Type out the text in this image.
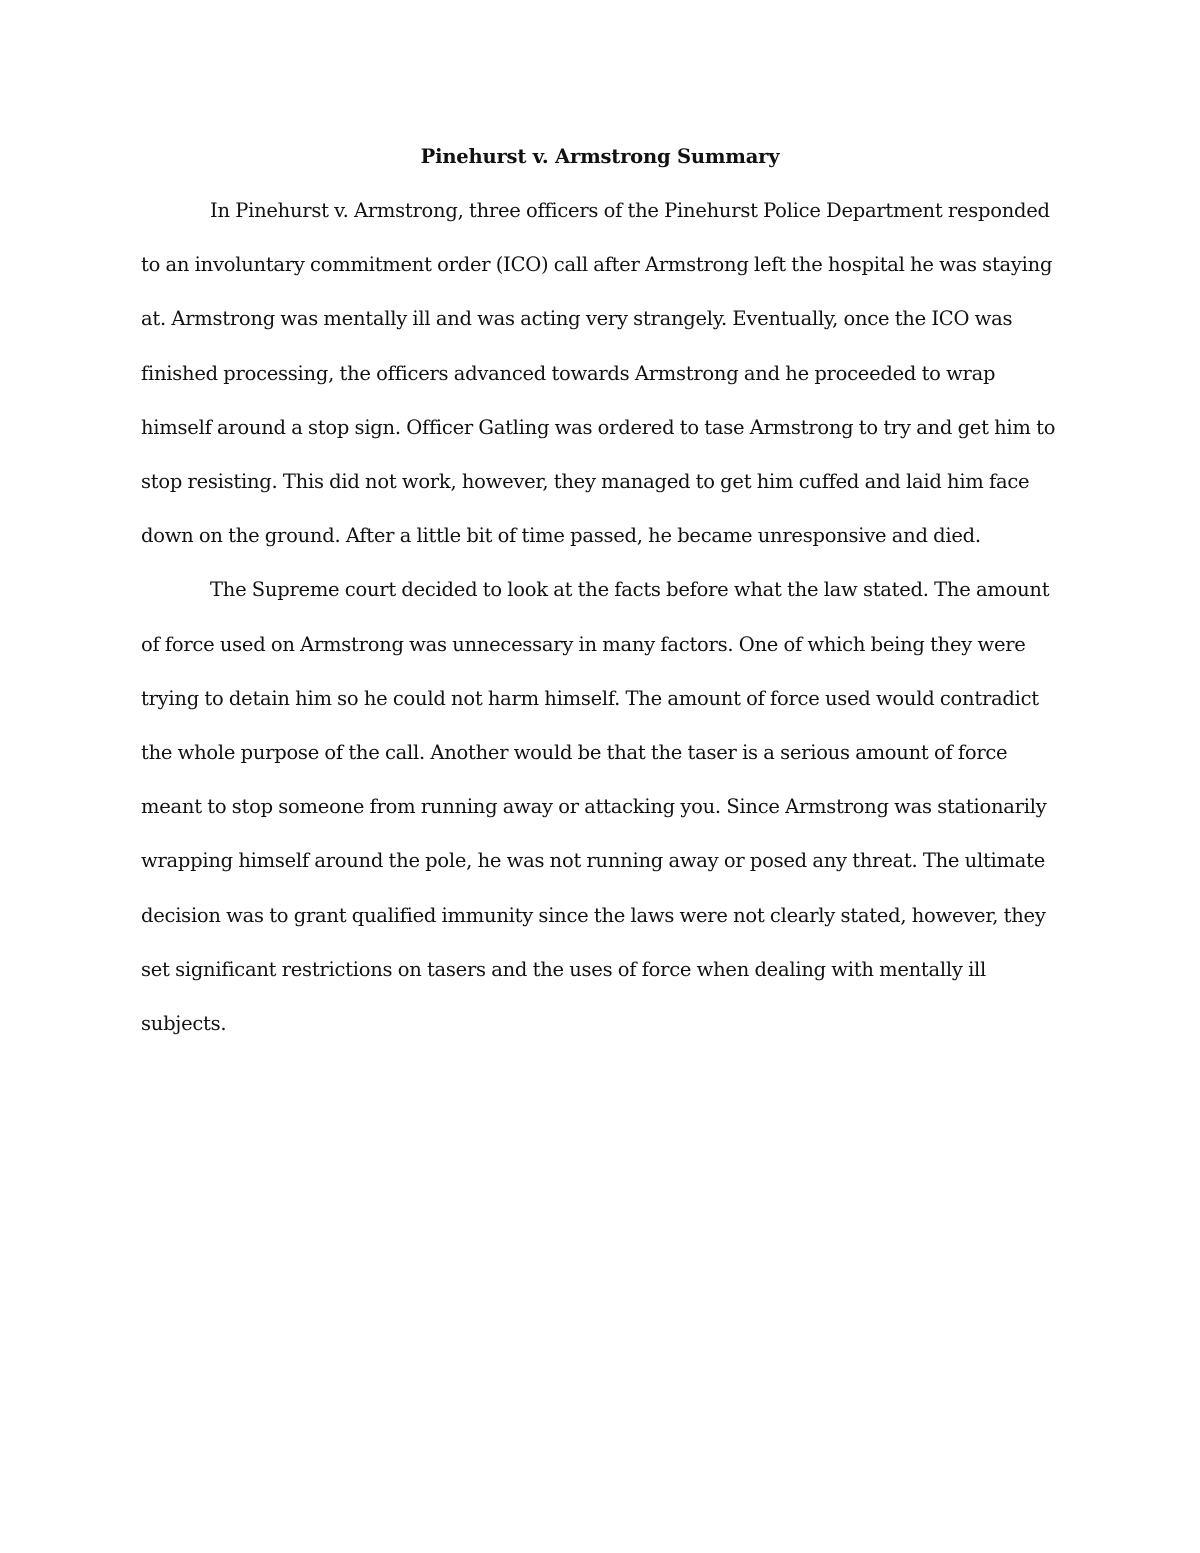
Pinehurst v. Armstrong Summary

In Pinehurst v. Armstrong, three officers of the Pinehurst Police Department responded to an involuntary commitment order (ICO) call after Armstrong left the hospital he was staying at. Armstrong was mentally ill and was acting very strangely. Eventually, once the ICO was finished processing, the officers advanced towards Armstrong and he proceeded to wrap himself around a stop sign. Officer Gatling was ordered to tase Armstrong to try and get him to stop resisting. This did not work, however, they managed to get him cuffed and laid him face down on the ground. After a little bit of time passed, he became unresponsive and died.

The Supreme court decided to look at the facts before what the law stated. The amount of force used on Armstrong was unnecessary in many factors. One of which being they were trying to detain him so he could not harm himself. The amount of force used would contradict the whole purpose of the call. Another would be that the taser is a serious amount of force meant to stop someone from running away or attacking you. Since Armstrong was stationarily wrapping himself around the pole, he was not running away or posed any threat. The ultimate decision was to grant qualified immunity since the laws were not clearly stated, however, they set significant restrictions on tasers and the uses of force when dealing with mentally ill subjects.
